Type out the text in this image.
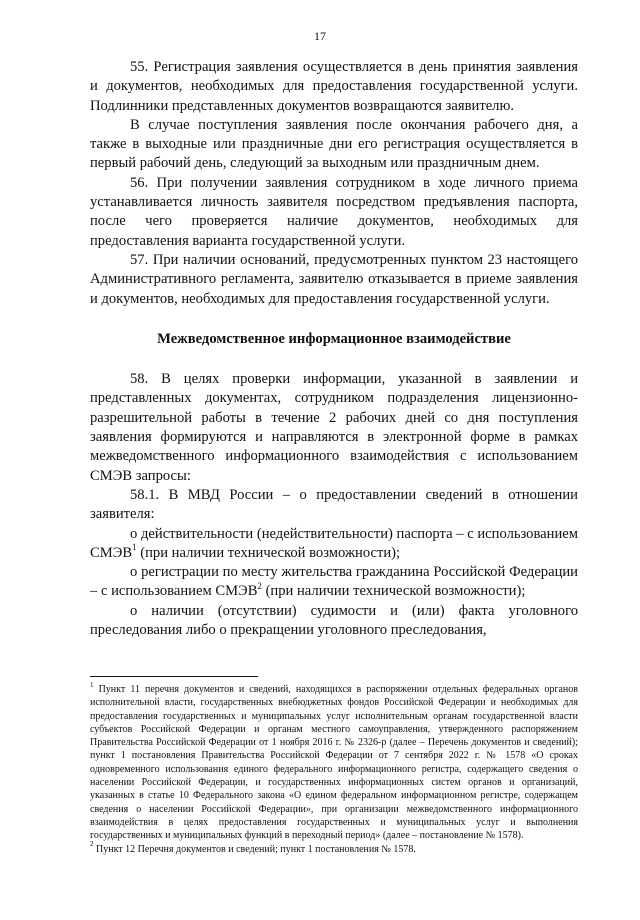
17

55. Регистрация заявления осуществляется в день принятия заявления и документов, необходимых для предоставления государственной услуги. Подлинники представленных документов возвращаются заявителю.

В случае поступления заявления после окончания рабочего дня, а также в выходные или праздничные дни его регистрация осуществляется в первый рабочий день, следующий за выходным или праздничным днем.

56. При получении заявления сотрудником в ходе личного приема устанавливается личность заявителя посредством предъявления паспорта, после чего проверяется наличие документов, необходимых для предоставления варианта государственной услуги.

57. При наличии оснований, предусмотренных пунктом 23 настоящего Административного регламента, заявителю отказывается в приеме заявления и документов, необходимых для предоставления государственной услуги.

Межведомственное информационное взаимодействие

58. В целях проверки информации, указанной в заявлении и представленных документах, сотрудником подразделения лицензионно-разрешительной работы в течение 2 рабочих дней со дня поступления заявления формируются и направляются в электронной форме в рамках межведомственного информационного взаимодействия с использованием СМЭВ запросы:

58.1. В МВД России – о предоставлении сведений в отношении заявителя:

о действительности (недействительности) паспорта – с использованием СМЭВ$^1$ (при наличии технической возможности);

о регистрации по месту жительства гражданина Российской Федерации – с использованием СМЭВ$^2$ (при наличии технической возможности);

о наличии (отсутствии) судимости и (или) факта уголовного преследования либо о прекращении уголовного преследования,

$^1$ Пункт 11 перечня документов и сведений, находящихся в распоряжении отдельных федеральных органов исполнительной власти, государственных внебюджетных фондов Российской Федерации и необходимых для предоставления государственных и муниципальных услуг исполнительным органам государственной власти субъектов Российской Федерации и органам местного самоуправления, утвержденного распоряжением Правительства Российской Федерации от 1 ноября 2016 г. № 2326-р (далее – Перечень документов и сведений); пункт 1 постановления Правительства Российской Федерации от 7 сентября 2022 г. № 1578 «О сроках одновременного использования единого федерального информационного регистра, содержащего сведения о населении Российской Федерации, и государственных информационных систем органов и организаций, указанных в статье 10 Федерального закона «О едином федеральном информационном регистре, содержащем сведения о населении Российской Федерации», при организации межведомственного информационного взаимодействия в целях предоставления государственных и муниципальных услуг и выполнения государственных и муниципальных функций в переходный период» (далее – постановление № 1578).

$^2$ Пункт 12 Перечня документов и сведений; пункт 1 постановления № 1578.
